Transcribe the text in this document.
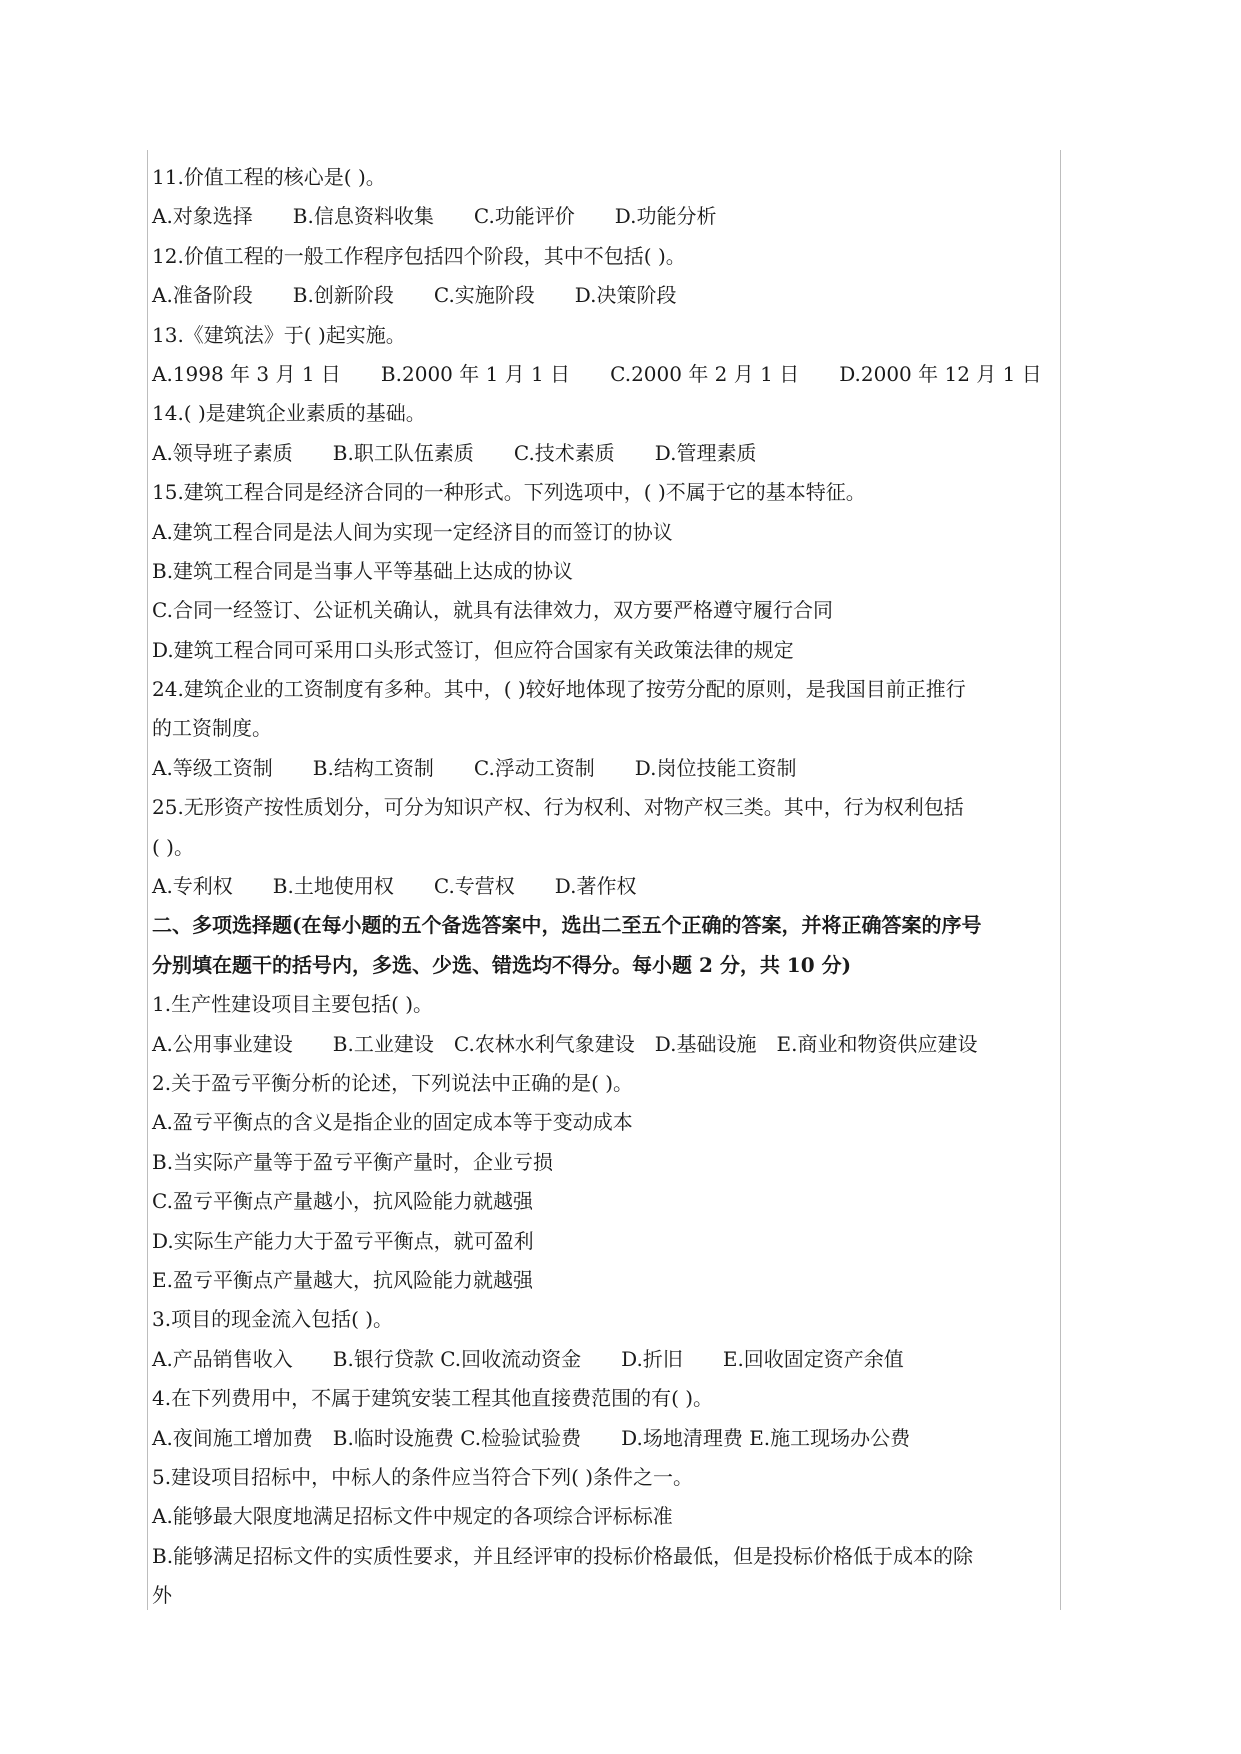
11.价值工程的核心是( )。
A.对象选择　　B.信息资料收集　　C.功能评价　　D.功能分析
12.价值工程的一般工作程序包括四个阶段，其中不包括( )。
A.准备阶段　　B.创新阶段　　C.实施阶段　　D.决策阶段
13.《建筑法》于( )起实施。
A.1998 年 3 月 1 日　　B.2000 年 1 月 1 日　　C.2000 年 2 月 1 日　　D.2000 年 12 月 1 日
14.( )是建筑企业素质的基础。
A.领导班子素质　　B.职工队伍素质　　C.技术素质　　D.管理素质
15.建筑工程合同是经济合同的一种形式。下列选项中，( )不属于它的基本特征。
A.建筑工程合同是法人间为实现一定经济目的而签订的协议
B.建筑工程合同是当事人平等基础上达成的协议
C.合同一经签订、公证机关确认，就具有法律效力，双方要严格遵守履行合同
D.建筑工程合同可采用口头形式签订，但应符合国家有关政策法律的规定
24.建筑企业的工资制度有多种。其中，( )较好地体现了按劳分配的原则，是我国目前正推行
的工资制度。
A.等级工资制　　B.结构工资制　　C.浮动工资制　　D.岗位技能工资制
25.无形资产按性质划分，可分为知识产权、行为权利、对物产权三类。其中，行为权利包括
( )。
A.专利权　　B.土地使用权　　C.专营权　　D.著作权
二、多项选择题(在每小题的五个备选答案中，选出二至五个正确的答案，并将正确答案的序号
分别填在题干的括号内，多选、少选、错选均不得分。每小题 2 分，共 10 分)
1.生产性建设项目主要包括( )。
A.公用事业建设　　B.工业建设　C.农林水利气象建设　D.基础设施　E.商业和物资供应建设
2.关于盈亏平衡分析的论述，下列说法中正确的是( )。
A.盈亏平衡点的含义是指企业的固定成本等于变动成本
B.当实际产量等于盈亏平衡产量时，企业亏损
C.盈亏平衡点产量越小，抗风险能力就越强
D.实际生产能力大于盈亏平衡点，就可盈利
E.盈亏平衡点产量越大，抗风险能力就越强
3.项目的现金流入包括( )。
A.产品销售收入　　B.银行贷款 C.回收流动资金　　D.折旧　　E.回收固定资产余值
4.在下列费用中，不属于建筑安装工程其他直接费范围的有( )。
A.夜间施工增加费　B.临时设施费 C.检验试验费　　D.场地清理费 E.施工现场办公费
5.建设项目招标中，中标人的条件应当符合下列( )条件之一。
A.能够最大限度地满足招标文件中规定的各项综合评标标准
B.能够满足招标文件的实质性要求，并且经评审的投标价格最低，但是投标价格低于成本的除
外
